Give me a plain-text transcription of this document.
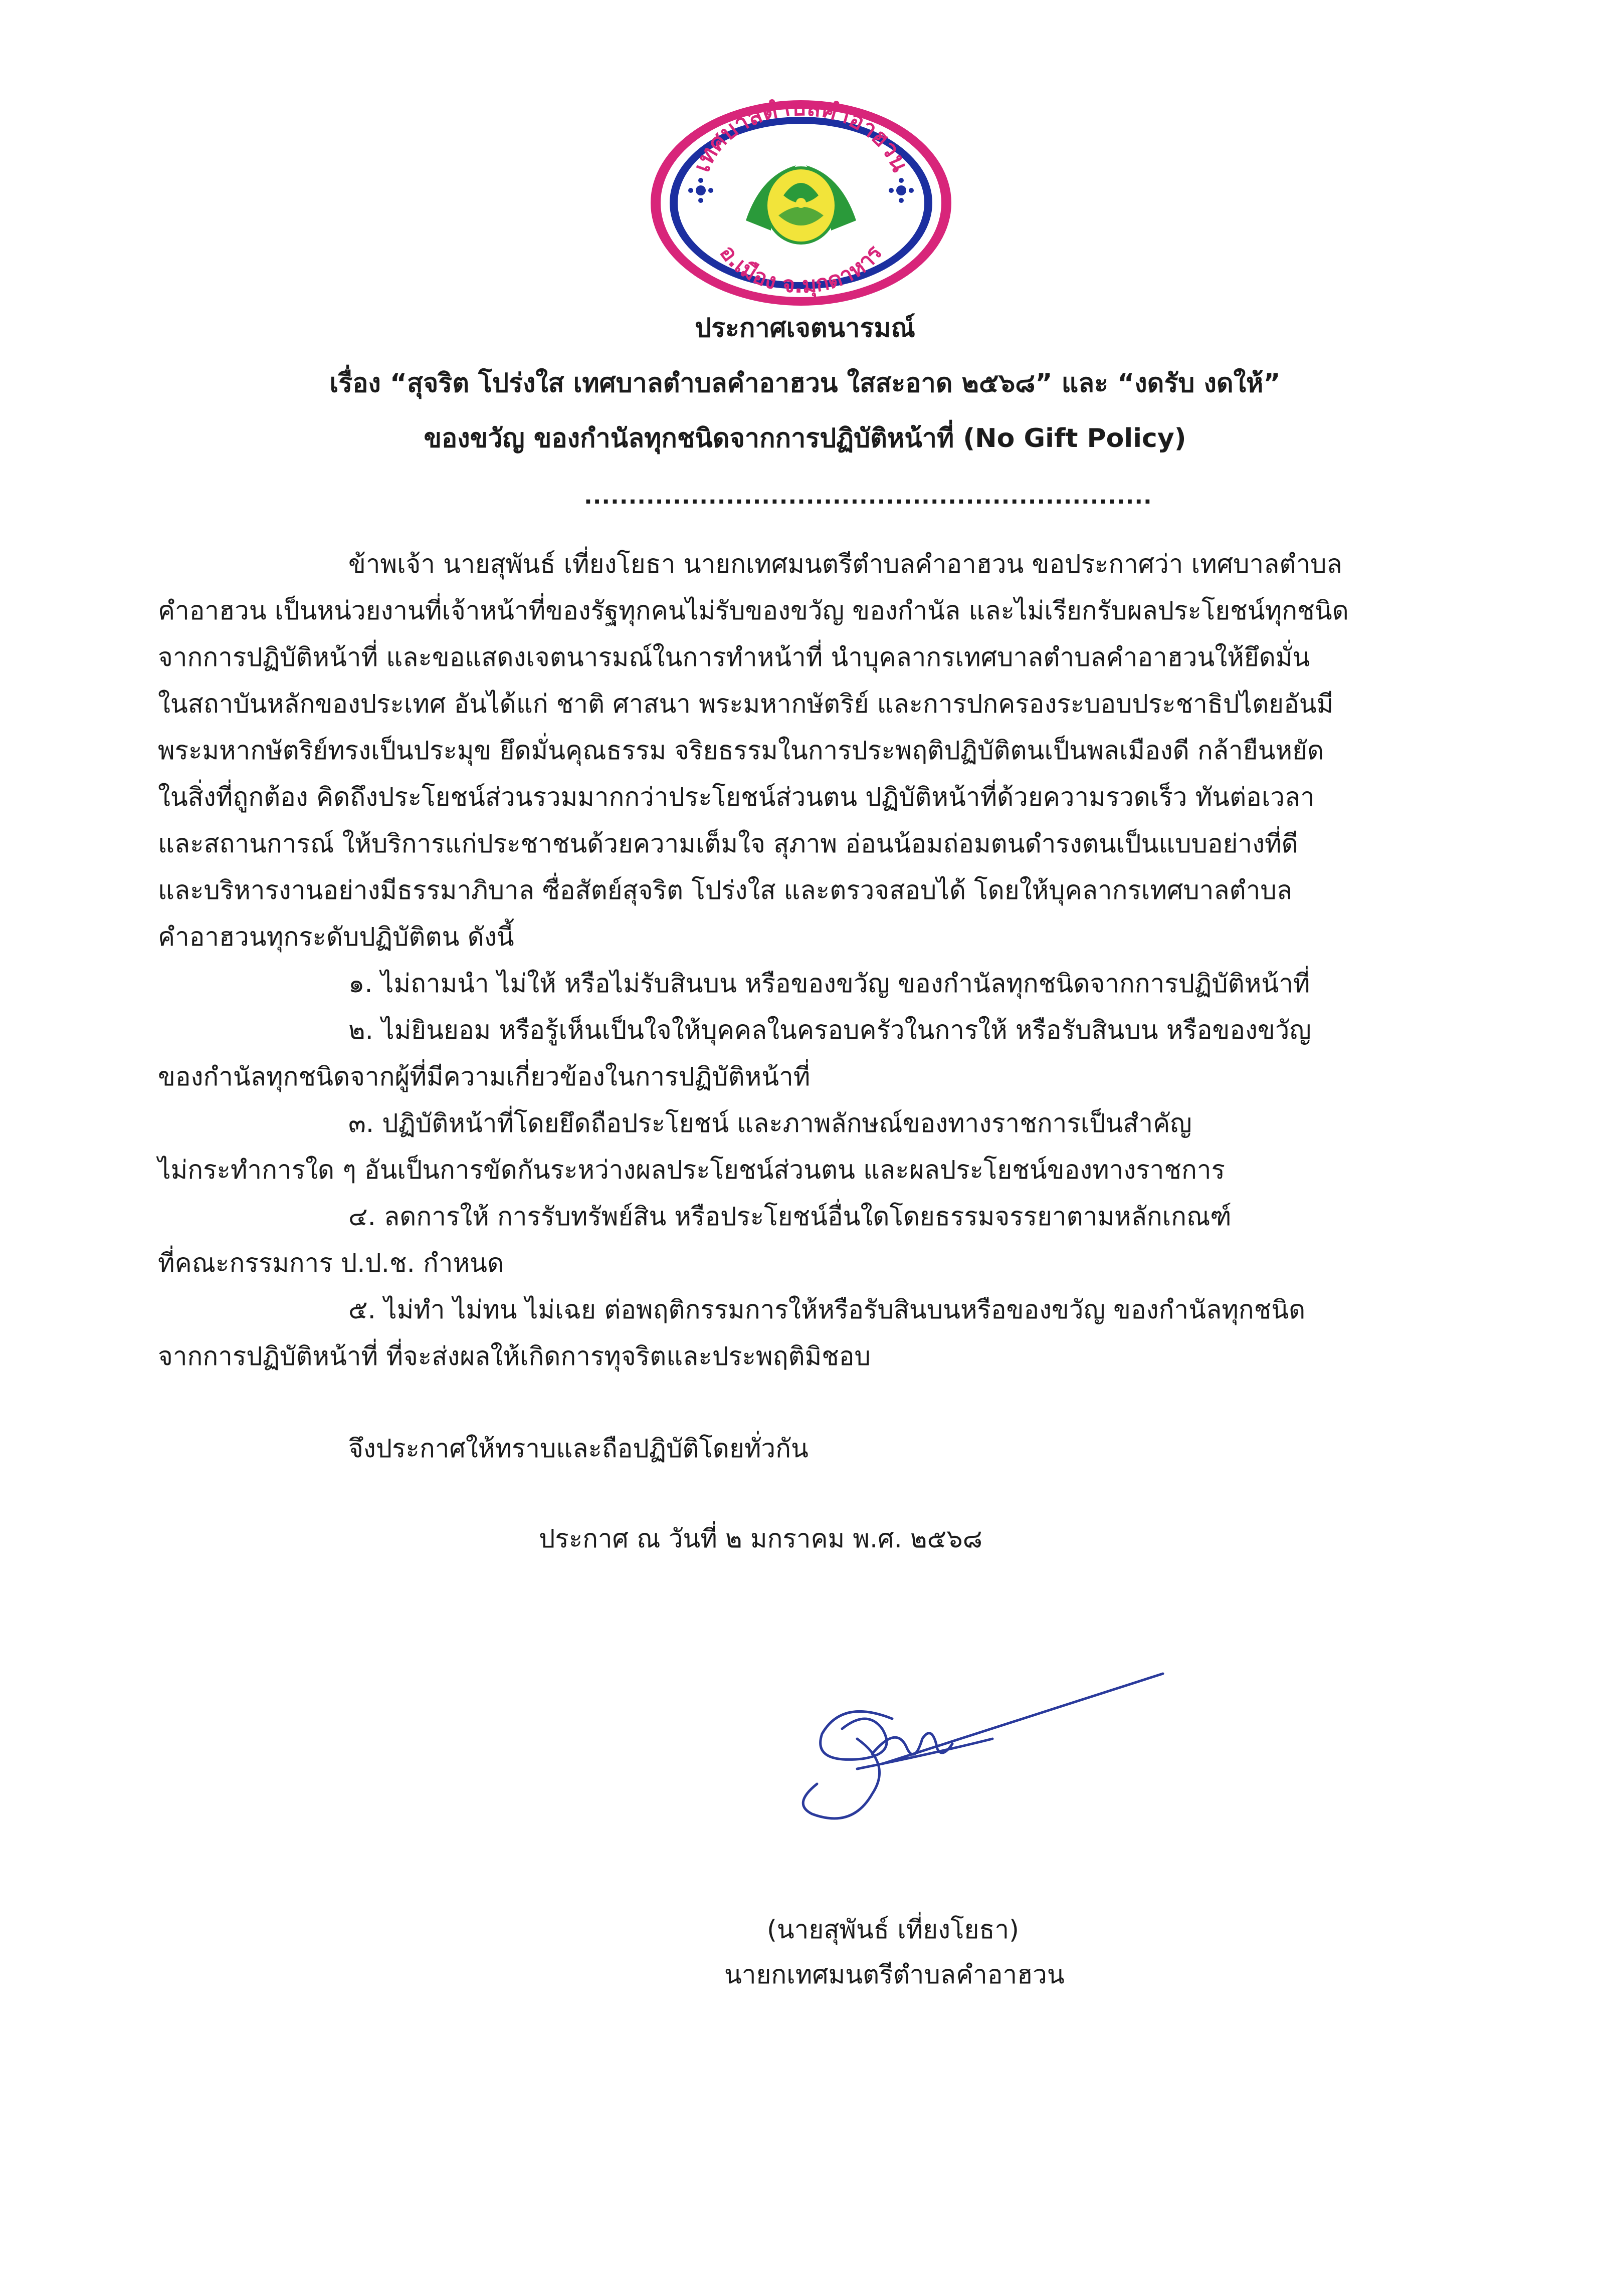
เทศบาลตำบลคำอาฮวน
อ.เมือง จ.มุกดาหาร
ประกาศเจตนารมณ์
เรื่อง “สุจริต โปร่งใส เทศบาลตำบลคำอาฮวน ใสสะอาด ๒๕๖๘” และ “งดรับ งดให้”
ของขวัญ ของกำนัลทุกชนิดจากการปฏิบัติหน้าที่ (No Gift Policy)
................................................................
ข้าพเจ้า นายสุพันธ์ เที่ยงโยธา นายกเทศมนตรีตำบลคำอาฮวน ขอประกาศว่า เทศบาลตำบล
คำอาฮวน เป็นหน่วยงานที่เจ้าหน้าที่ของรัฐทุกคนไม่รับของขวัญ ของกำนัล และไม่เรียกรับผลประโยชน์ทุกชนิด
จากการปฏิบัติหน้าที่ และขอแสดงเจตนารมณ์ในการทำหน้าที่ นำบุคลากรเทศบาลตำบลคำอาฮวนให้ยึดมั่น
ในสถาบันหลักของประเทศ อันได้แก่ ชาติ ศาสนา พระมหากษัตริย์ และการปกครองระบอบประชาธิปไตยอันมี
พระมหากษัตริย์ทรงเป็นประมุข ยึดมั่นคุณธรรม จริยธรรมในการประพฤติปฏิบัติตนเป็นพลเมืองดี กล้ายืนหยัด
ในสิ่งที่ถูกต้อง คิดถึงประโยชน์ส่วนรวมมากกว่าประโยชน์ส่วนตน ปฏิบัติหน้าที่ด้วยความรวดเร็ว ทันต่อเวลา
และสถานการณ์ ให้บริการแก่ประชาชนด้วยความเต็มใจ สุภาพ อ่อนน้อมถ่อมตนดำรงตนเป็นแบบอย่างที่ดี
และบริหารงานอย่างมีธรรมาภิบาล ซื่อสัตย์สุจริต โปร่งใส และตรวจสอบได้ โดยให้บุคลากรเทศบาลตำบล
คำอาฮวนทุกระดับปฏิบัติตน ดังนี้
๑. ไม่ถามนำ ไม่ให้ หรือไม่รับสินบน หรือของขวัญ ของกำนัลทุกชนิดจากการปฏิบัติหน้าที่
๒. ไม่ยินยอม หรือรู้เห็นเป็นใจให้บุคคลในครอบครัวในการให้ หรือรับสินบน หรือของขวัญ
ของกำนัลทุกชนิดจากผู้ที่มีความเกี่ยวข้องในการปฏิบัติหน้าที่
๓. ปฏิบัติหน้าที่โดยยึดถือประโยชน์ และภาพลักษณ์ของทางราชการเป็นสำคัญ
ไม่กระทำการใด ๆ อันเป็นการขัดกันระหว่างผลประโยชน์ส่วนตน และผลประโยชน์ของทางราชการ
๔. ลดการให้ การรับทรัพย์สิน หรือประโยชน์อื่นใดโดยธรรมจรรยาตามหลักเกณฑ์
ที่คณะกรรมการ ป.ป.ช. กำหนด
๕. ไม่ทำ ไม่ทน ไม่เฉย ต่อพฤติกรรมการให้หรือรับสินบนหรือของขวัญ ของกำนัลทุกชนิด
จากการปฏิบัติหน้าที่ ที่จะส่งผลให้เกิดการทุจริตและประพฤติมิชอบ
จึงประกาศให้ทราบและถือปฏิบัติโดยทั่วกัน
ประกาศ ณ วันที่ ๒ มกราคม พ.ศ. ๒๕๖๘
(นายสุพันธ์ เที่ยงโยธา)
นายกเทศมนตรีตำบลคำอาฮวน
